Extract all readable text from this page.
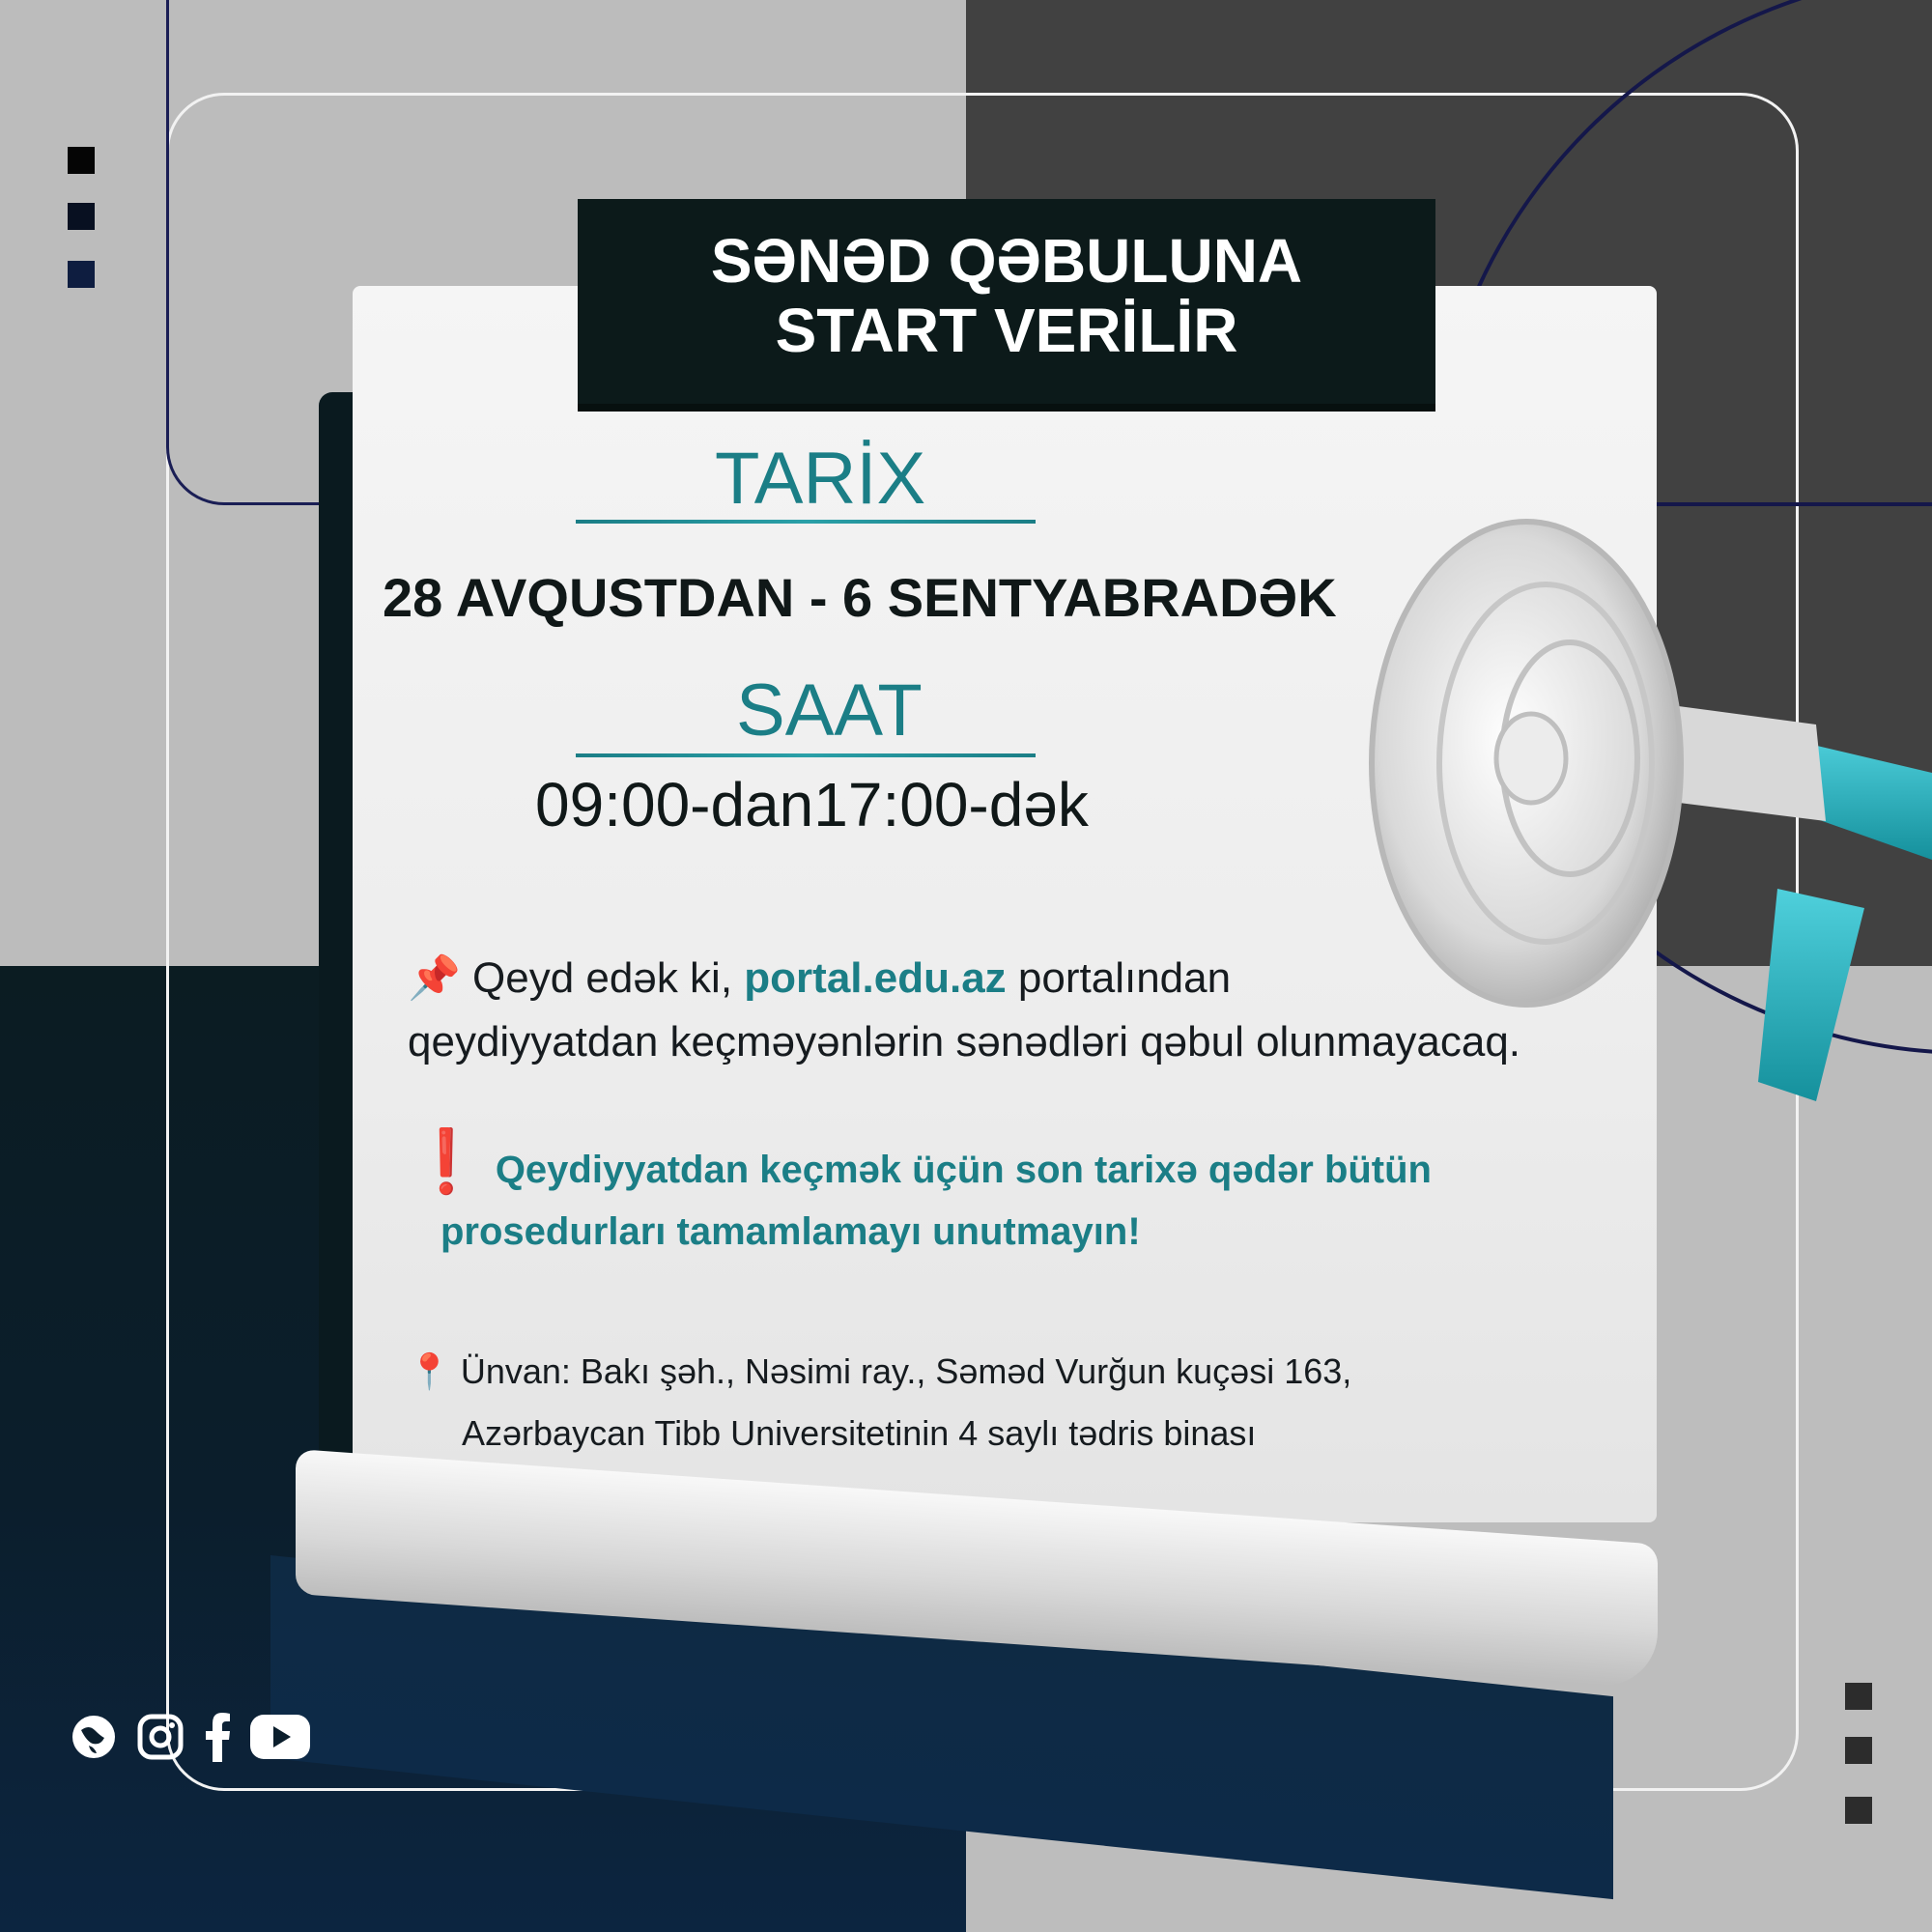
SƏNƏD QƏBULUNA
START VERİLİR
TARİX
28 AVQUSTDAN - 6 SENTYABRADƏK
SAAT
09:00-dan17:00-dək
📌 Qeyd edək ki, portal.edu.az portalından
qeydiyyatdan keçməyənlərin sənədləri qəbul olunmayacaq.
❗ Qeydiyyatdan keçmək üçün son tarixə qədər bütün
prosedurları tamamlamayı unutmayın!
📍 Ünvan: Bakı şəh., Nəsimi ray., Səməd Vurğun kuçəsi 163,
Azərbaycan Tibb Universitetinin 4 saylı tədris binası
